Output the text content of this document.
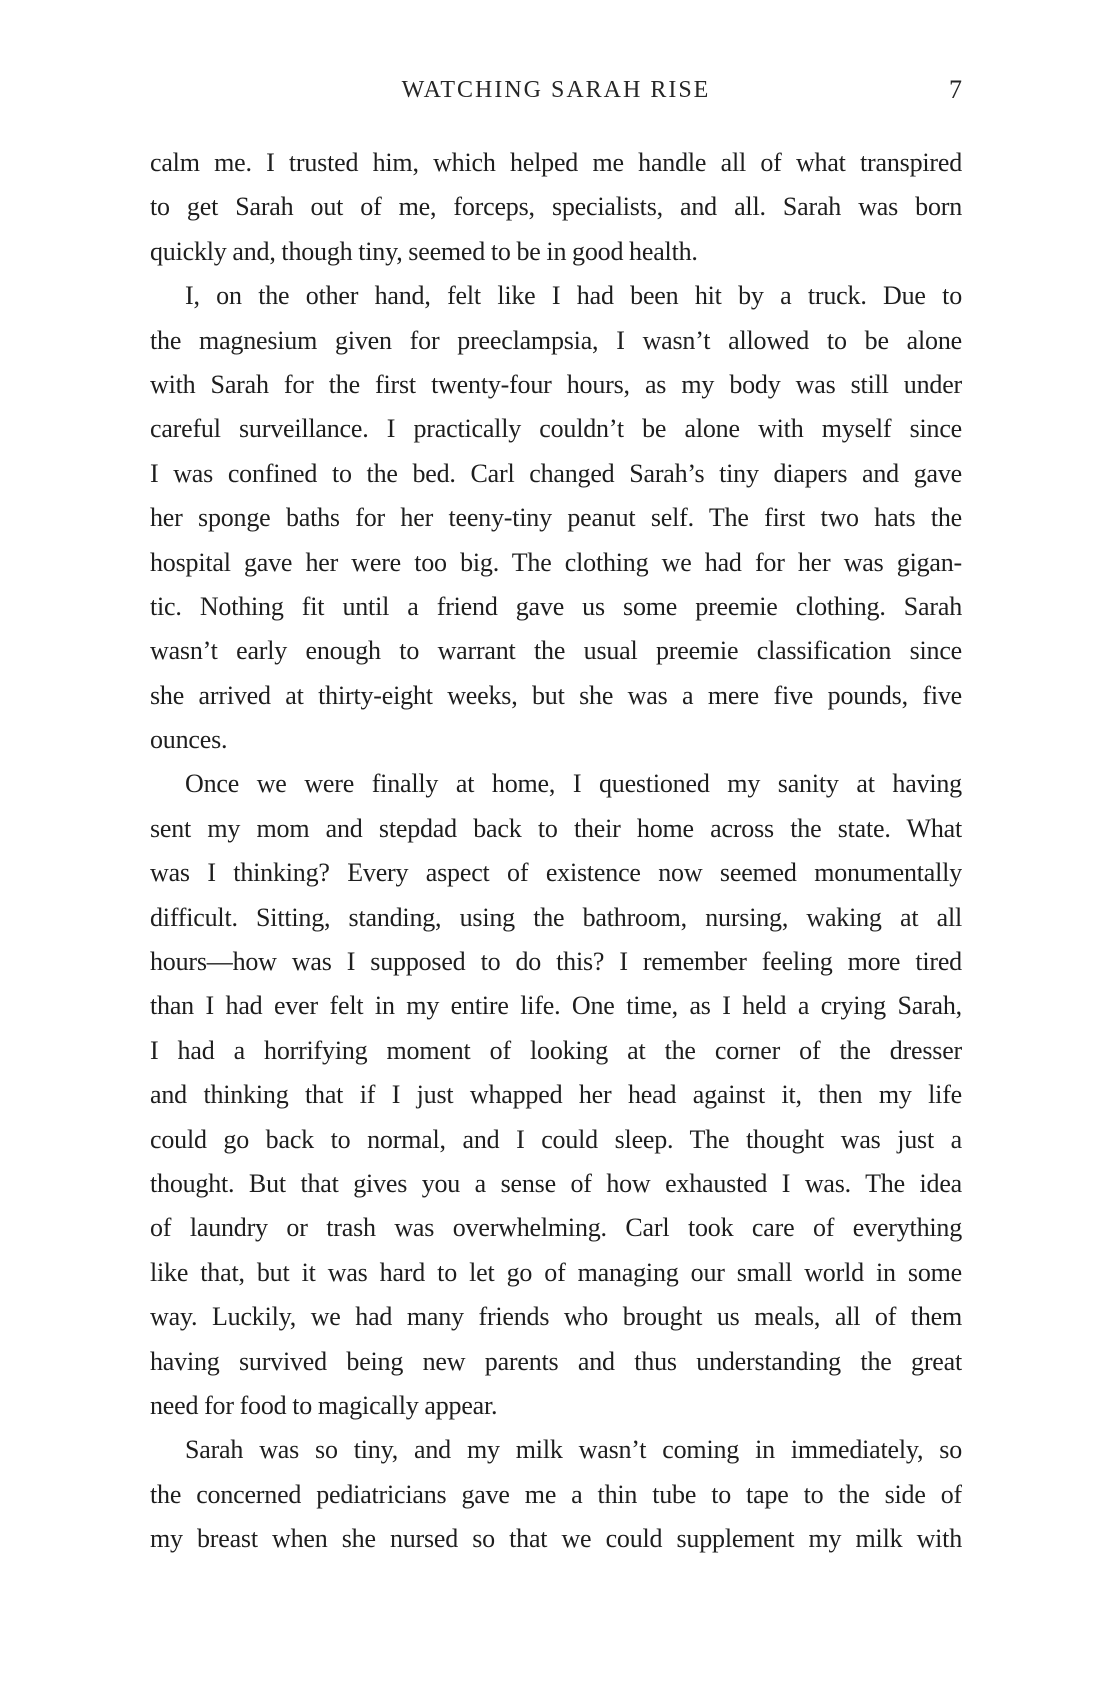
WATCHING SARAH RISE	7
calm me. I trusted him, which helped me handle all of what transpired
to get Sarah out of me, forceps, specialists, and all. Sarah was born
quickly and, though tiny, seemed to be in good health.
I, on the other hand, felt like I had been hit by a truck. Due to
the magnesium given for preeclampsia, I wasn’t allowed to be alone
with Sarah for the first twenty-four hours, as my body was still under
careful surveillance. I practically couldn’t be alone with myself since
I was confined to the bed. Carl changed Sarah’s tiny diapers and gave
her sponge baths for her teeny-tiny peanut self. The first two hats the
hospital gave her were too big. The clothing we had for her was gigan-
tic. Nothing fit until a friend gave us some preemie clothing. Sarah
wasn’t early enough to warrant the usual preemie classification since
she arrived at thirty-eight weeks, but she was a mere five pounds, five
ounces.
Once we were finally at home, I questioned my sanity at having
sent my mom and stepdad back to their home across the state. What
was I thinking? Every aspect of existence now seemed monumentally
difficult. Sitting, standing, using the bathroom, nursing, waking at all
hours—how was I supposed to do this? I remember feeling more tired
than I had ever felt in my entire life. One time, as I held a crying Sarah,
I had a horrifying moment of looking at the corner of the dresser
and thinking that if I just whapped her head against it, then my life
could go back to normal, and I could sleep. The thought was just a
thought. But that gives you a sense of how exhausted I was. The idea
of laundry or trash was overwhelming. Carl took care of everything
like that, but it was hard to let go of managing our small world in some
way. Luckily, we had many friends who brought us meals, all of them
having survived being new parents and thus understanding the great
need for food to magically appear.
Sarah was so tiny, and my milk wasn’t coming in immediately, so
the concerned pediatricians gave me a thin tube to tape to the side of
my breast when she nursed so that we could supplement my milk with
